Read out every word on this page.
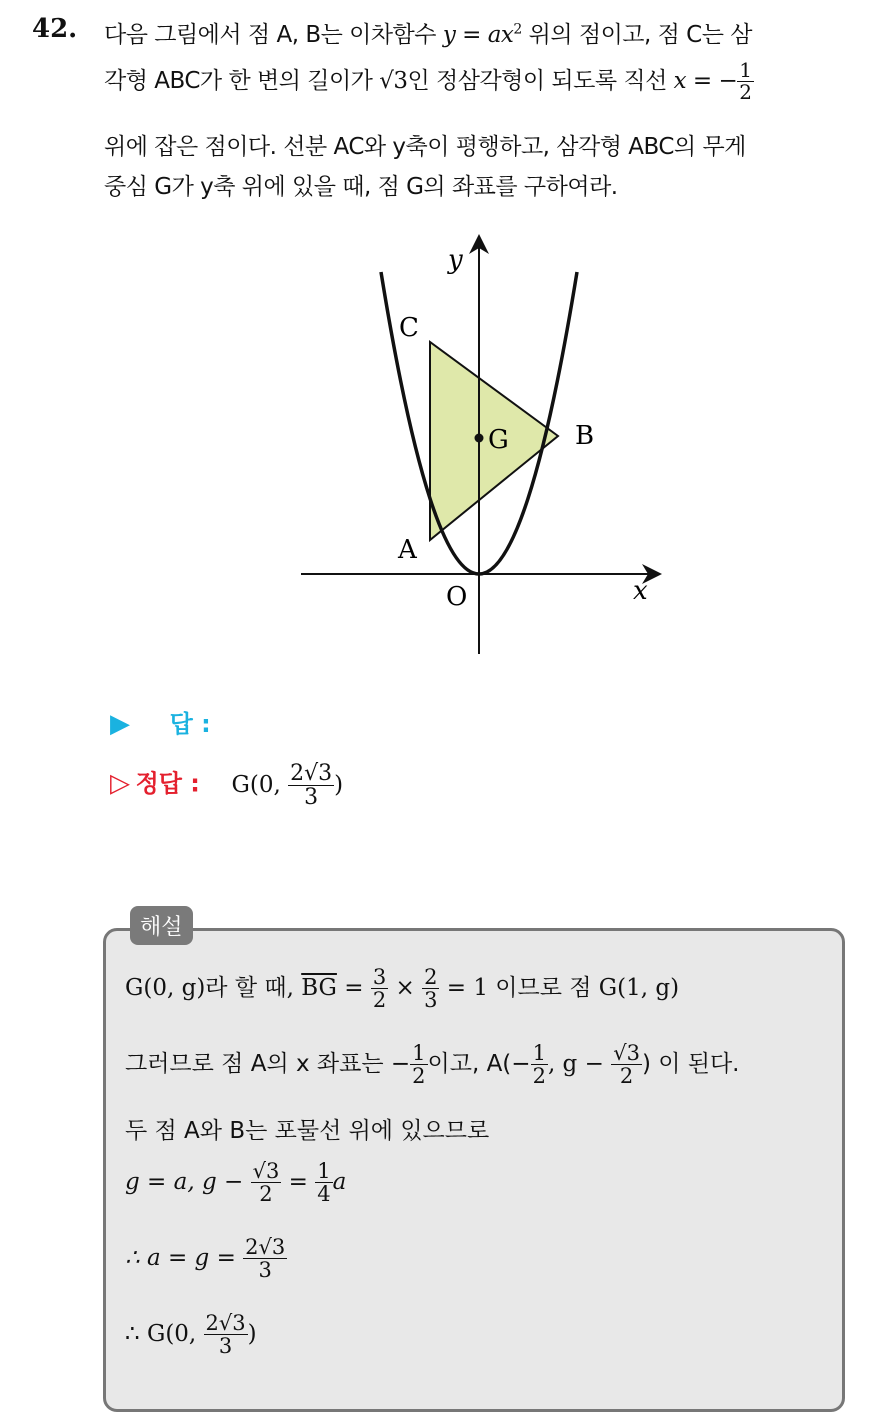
42. 다음 그림에서 점 A, B는 이차함수 $y = ax^2$ 위의 점이고, 점 C는 삼
각형 ABC가 한 변의 길이가 √3인 정삼각형이 되도록 직선 x = − $\frac{1}{2}$
위에 잡은 점이다. 선분 AC와 y축이 평행하고, 삼각형 ABC의 무게
중심 G가 y축 위에 있을 때, 점 G의 좌표를 구하여라.
y
x
O
A
B
C
G
▶ 답 :
▷ 정답 : G(0, $\frac{2√3}{3}$ )
해설
G(0, g)라 할 때, $\overline{BG} = \frac{3}{2} \times \frac{2}{3} = 1$ 이므로 점 G(1, g)
그러므로 점 A의 x 좌표는 − $\frac{1}{2}$ 이고, $A(- \frac{1}{2}$ , $g - \frac{√3}{2}$ ) 이 된다.
두 점 A와 B는 포물선 위에 있으므로
g = a, $g - \frac{√3}{2} = \frac{1}{4}$ a
∴ $a = g = \frac{2√3}{3}$
∴ G(0, $\frac{2√3}{3}$ )
